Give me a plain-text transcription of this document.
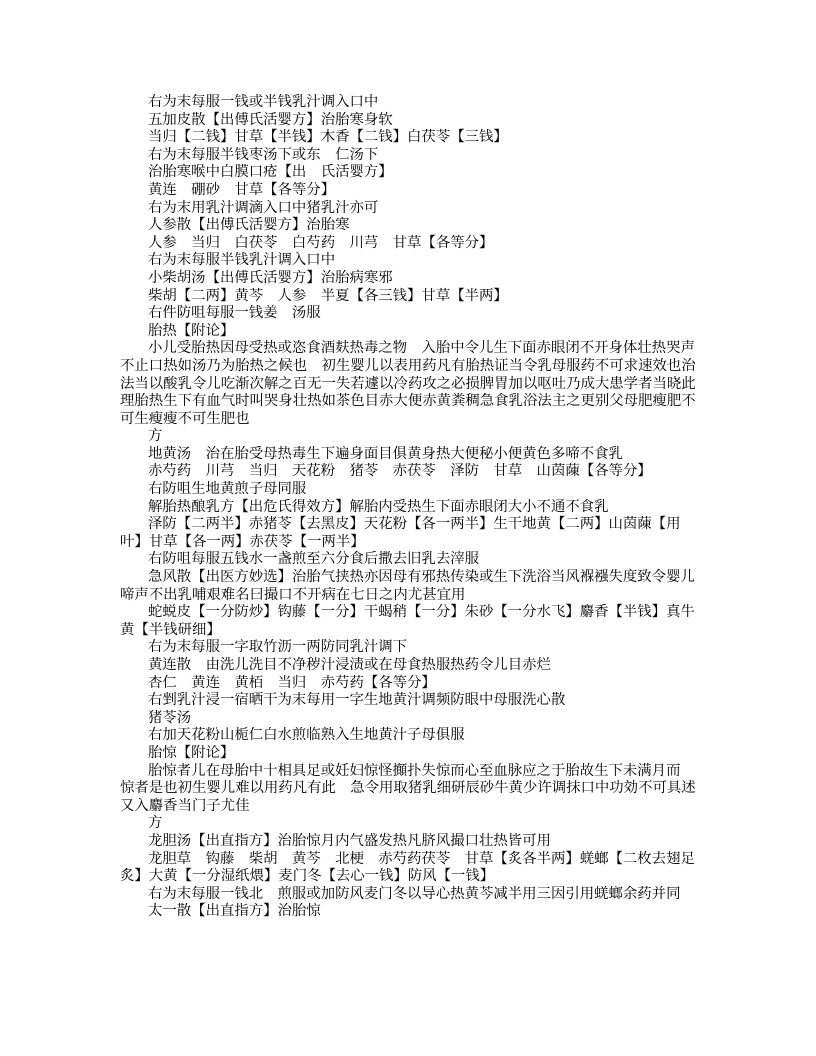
右为末每服一钱或半钱乳汁调入口中

五加皮散【出傅氏活婴方】治胎寒身软

当归【二钱】甘草【半钱】木香【二钱】白茯苓【三钱】

右为末每服半钱枣汤下或东　仁汤下

治胎寒喉中白膜口疮【出　氏活婴方】

黄连　硼砂　甘草【各等分】

右为末用乳汁调滴入口中猪乳汁亦可

人参散【出傅氏活婴方】治胎寒

人参　当归　白茯苓　白芍药　川芎　甘草【各等分】

右为末每服半钱乳汁调入口中

小柴胡汤【出傅氏活婴方】治胎病寒邪

柴胡【二两】黄芩　人参　半夏【各三钱】甘草【半两】

右件防咀每服一钱姜　汤服

胎热【附论】

小儿受胎热因母受热或恣食酒麸热毒之物　入胎中令儿生下面赤眼闭不开身体壮热哭声不止口热如汤乃为胎热之候也　初生婴儿以表用药凡有胎热证当令乳母服药不可求速效也治法当以酸乳令儿吃渐次解之百无一失若遽以冷药攻之必损脾胃加以呕吐乃成大患学者当晓此理胎热生下有血气时叫哭身壮热如茶色目赤大便赤黄粪稠急食乳浴法主之更别父母肥瘦肥不可生瘦瘦不可生肥也

方

地黄汤　治在胎受母热毒生下遍身面目俱黄身热大便秘小便黄色多啼不食乳

赤芍药　川芎　当归　天花粉　猪苓　赤茯苓　泽防　甘草　山茵蔯【各等分】

右防咀生地黄煎子母同服

解胎热酿乳方【出危氏得效方】解胎内受热生下面赤眼闭大小不通不食乳

泽防【二两半】赤猪苓【去黑皮】天花粉【各一两半】生干地黄【二两】山茵蔯【用叶】甘草【各一两】赤茯苓【一两半】

右防咀每服五钱水一盏煎至六分食后撒去旧乳去滓服

急风散【出医方妙选】治胎气挟热亦因母有邪热传染或生下洗浴当风褓襁失度致令婴儿啼声不出乳哺艰难名曰撮口不开病在七日之内尤甚宜用

蛇蜕皮【一分防炒】钩藤【一分】干蝎稍【一分】朱砂【一分水飞】麝香【半钱】真牛黄【半钱研细】

右为末每服一字取竹沥一两防同乳汁调下

黄连散　由洗儿洗目不净秽汁浸渍或在母食热服热药令儿目赤烂

杏仁　黄连　黄栢　当归　赤芍药【各等分】

右剉乳汁浸一宿晒干为末每用一字生地黄汁调频防眼中母服洗心散

猪苓汤

右加天花粉山栀仁白水煎临熟入生地黄汁子母俱服

胎惊【附论】

胎惊者儿在母胎中十相具足或妊妇惊怪攧扑失惊而心至血脉应之于胎故生下未满月而　惊者是也初生婴儿难以用药凡有此　急令用取猪乳细研辰砂牛黄少许调抹口中功効不可具述又入麝香当门子尤佳

方

龙胆汤【出直指方】治胎惊月内气盛发热凡脐风撮口壮热皆可用

龙胆草　钩藤　柴胡　黄芩　北梗　赤芍药茯苓　甘草【炙各半两】蜣螂【二枚去翅足炙】大黄【一分湿纸煨】麦门冬【去心一钱】防风【一钱】

右为末每服一钱北　煎服或加防风麦门冬以导心热黄芩减半用三因引用蜣螂余药并同

太一散【出直指方】治胎惊
